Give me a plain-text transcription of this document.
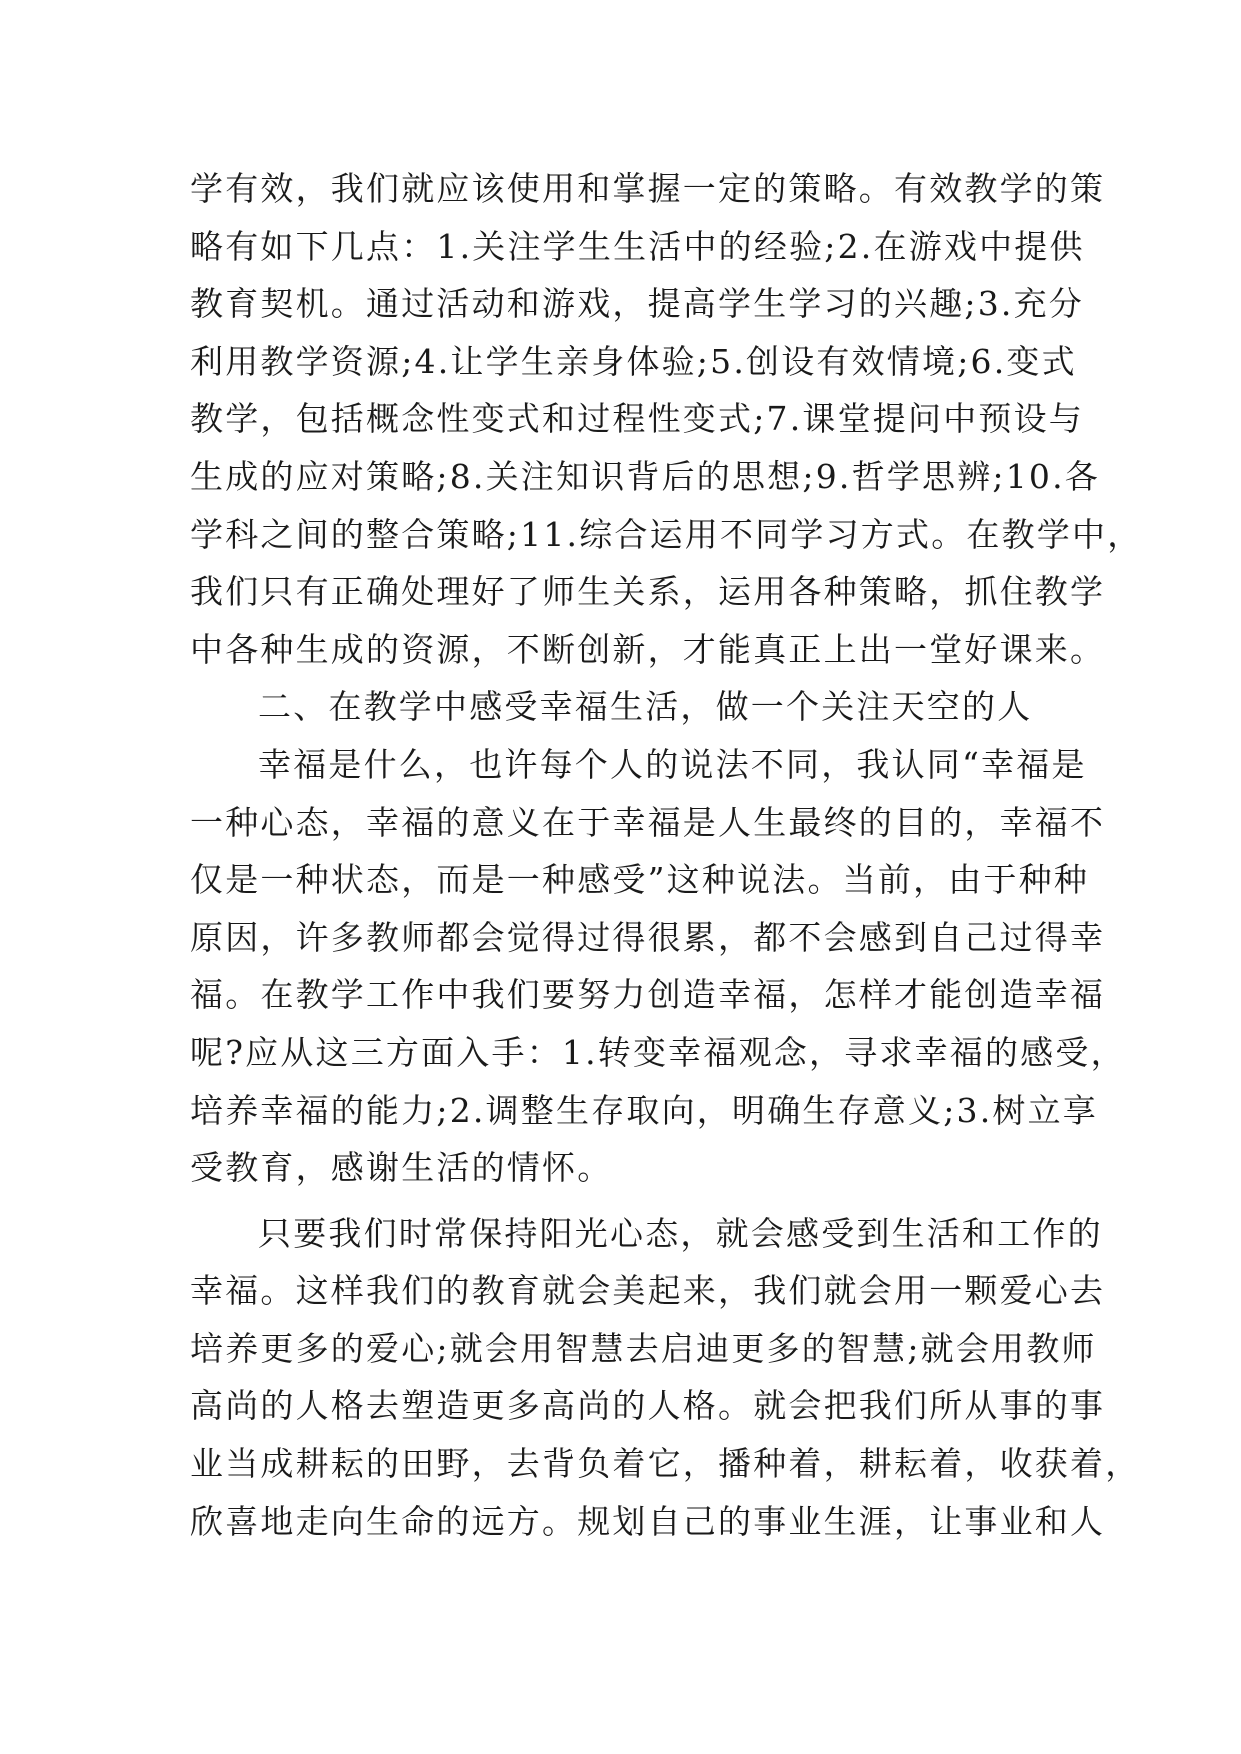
学有效，我们就应该使用和掌握一定的策略。有效教学的策
略有如下几点：1.关注学生生活中的经验;2.在游戏中提供
教育契机。通过活动和游戏，提高学生学习的兴趣;3.充分
利用教学资源;4.让学生亲身体验;5.创设有效情境;6.变式
教学，包括概念性变式和过程性变式;7.课堂提问中预设与
生成的应对策略;8.关注知识背后的思想;9.哲学思辨;10.各
学科之间的整合策略;11.综合运用不同学习方式。在教学中，
我们只有正确处理好了师生关系，运用各种策略，抓住教学
中各种生成的资源，不断创新，才能真正上出一堂好课来。
二、在教学中感受幸福生活，做一个关注天空的人
幸福是什么，也许每个人的说法不同，我认同“幸福是
一种心态，幸福的意义在于幸福是人生最终的目的，幸福不
仅是一种状态，而是一种感受”这种说法。当前，由于种种
原因，许多教师都会觉得过得很累，都不会感到自己过得幸
福。在教学工作中我们要努力创造幸福，怎样才能创造幸福
呢?应从这三方面入手：1.转变幸福观念，寻求幸福的感受，
培养幸福的能力;2.调整生存取向，明确生存意义;3.树立享
受教育，感谢生活的情怀。
只要我们时常保持阳光心态，就会感受到生活和工作的
幸福。这样我们的教育就会美起来，我们就会用一颗爱心去
培养更多的爱心;就会用智慧去启迪更多的智慧;就会用教师
高尚的人格去塑造更多高尚的人格。就会把我们所从事的事
业当成耕耘的田野，去背负着它，播种着，耕耘着，收获着，
欣喜地走向生命的远方。规划自己的事业生涯，让事业和人
